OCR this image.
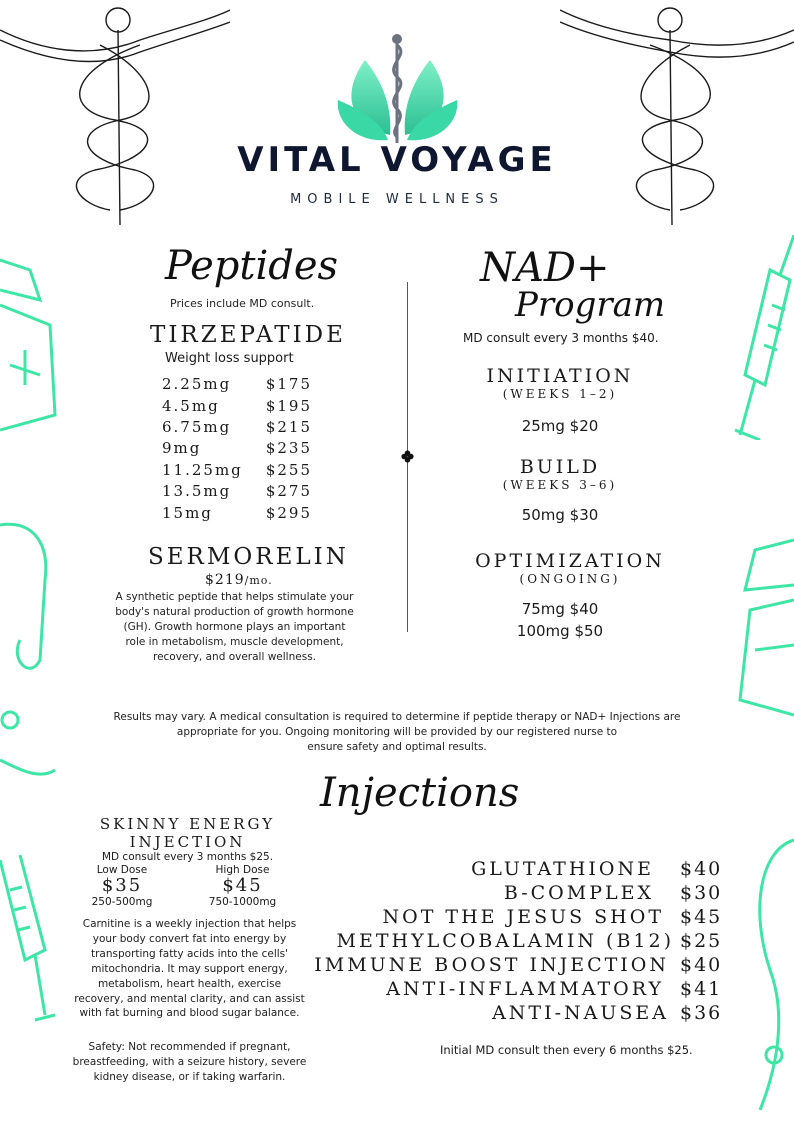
VITAL VOYAGE
MOBILE WELLNESS
Peptides
Prices include MD consult.
TIRZEPATIDE
Weight loss support
2.25mg $175
4.5mg	$195
6.75mg $215
9mg	$235
11.25mg $255
13.5mg $275
15mg	$295
SERMORELIN
$219/mo.
A synthetic peptide that helps stimulate your body's natural production of growth hormone (GH). Growth hormone plays an important role in metabolism, muscle development, recovery, and overall wellness.
NAD+
Program
MD consult every 3 months $40.
INITIATION
(WEEKS 1–2)
25mg $20
BUILD
(WEEKS 3–6)
50mg $30
OPTIMIZATION
(ONGOING)
75mg $40
100mg $50
Results may vary. A medical consultation is required to determine if peptide therapy or NAD+ Injections are
appropriate for you. Ongoing monitoring will be provided by our registered nurse to
ensure safety and optimal results.
Injections
SKINNY ENERGY
INJECTION
MD consult every 3 months $25.
Low Dose
$35
250-500mg
High Dose
$45
750-1000mg
Carnitine is a weekly injection that helps your body convert fat into energy by transporting fatty acids into the cells' mitochondria. It may support energy, metabolism, heart health, exercise recovery, and mental clarity, and can assist with fat burning and blood sugar balance.
Safety: Not recommended if pregnant, breastfeeding, with a seizure history, severe kidney disease, or if taking warfarin.
GLUTATHIONE $40
B-COMPLEX $30
NOT THE JESUS SHOT $45
METHYLCOBALAMIN (B12) $25
IMMUNE BOOST INJECTION $40
ANTI-INFLAMMATORY $41
ANTI-NAUSEA $36
Initial MD consult then every 6 months $25.
